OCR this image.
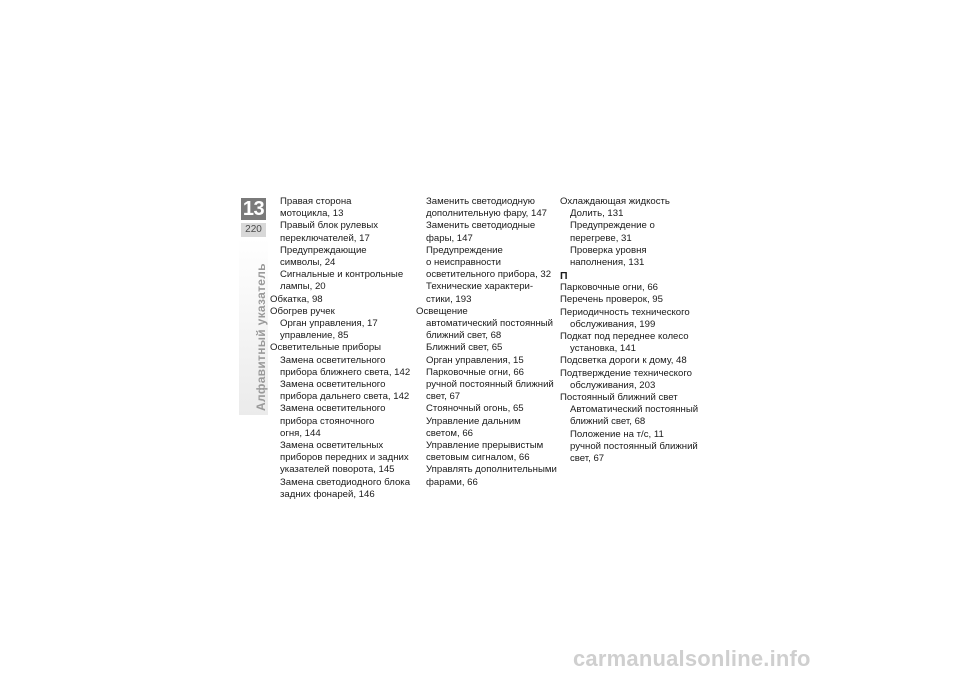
13
220
Алфавитный указатель
Правая сторона
мотоцикла, 13
Правый блок рулевых
переключателей, 17
Предупреждающие
символы, 24
Сигнальные и контрольные
лампы, 20
Обкатка, 98
Обогрев ручек
Орган управления, 17
управление, 85
Осветительные приборы
Замена осветительного
прибора ближнего света, 142
Замена осветительного
прибора дальнего света, 142
Замена осветительного
прибора стояночного
огня, 144
Замена осветительных
приборов передних и задних
указателей поворота, 145
Замена светодиодного блока
задних фонарей, 146
Заменить светодиодную
дополнительную фару, 147
Заменить светодиодные
фары, 147
Предупреждение
о неисправности
осветительного прибора, 32
Технические характери-
стики, 193
Освещение
автоматический постоянный
ближний свет, 68
Ближний свет, 65
Орган управления, 15
Парковочные огни, 66
ручной постоянный ближний
свет, 67
Стояночный огонь, 65
Управление дальним
светом, 66
Управление прерывистым
световым сигналом, 66
Управлять дополнительными
фарами, 66
Охлаждающая жидкость
Долить, 131
Предупреждение о
перегреве, 31
Проверка уровня
наполнения, 131
П
Парковочные огни, 66
Перечень проверок, 95
Периодичность технического
обслуживания, 199
Подкат под переднее колесо
установка, 141
Подсветка дороги к дому, 48
Подтверждение технического
обслуживания, 203
Постоянный ближний свет
Автоматический постоянный
ближний свет, 68
Положение на т/с, 11
ручной постоянный ближний
свет, 67
carmanualsonline.info
